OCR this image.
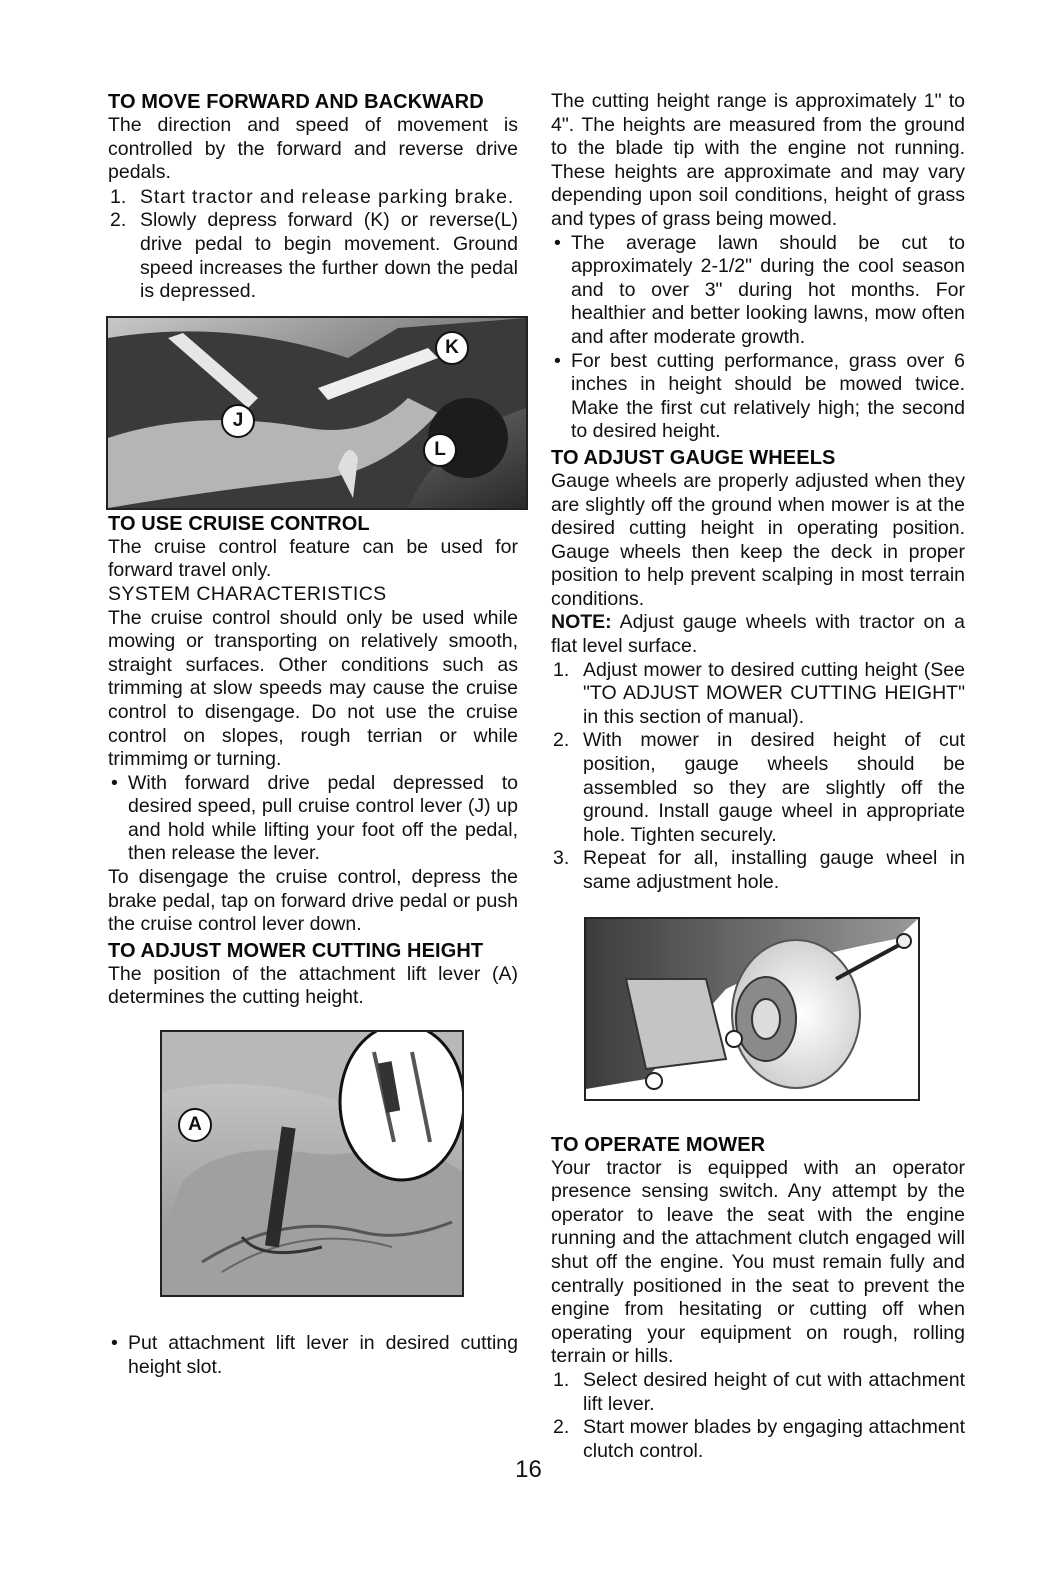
TO MOVE FORWARD AND BACKWARD

The direction and speed of movement is controlled by the forward and reverse drive pedals.

1. Start tractor and release parking brake.
2. Slowly depress forward (K) or reverse(L) drive pedal to begin movement. Ground speed increases the further down the pedal is depressed.
K
J
L
TO USE CRUISE CONTROL

The cruise control feature can be used for forward travel only.

SYSTEM CHARACTERISTICS

The cruise control should only be used while mowing or transporting on relatively smooth, straight surfaces. Other conditions such as trimming at slow speeds may cause the cruise control to disengage. Do not use the cruise control on slopes, rough terrian or while trimmimg or turning.

• With forward drive pedal depressed to desired speed, pull cruise control lever (J) up and hold while lifting your foot off the pedal, then release the lever.

To disengage the cruise control, depress the brake pedal, tap on forward drive pedal or push the cruise control lever down.

TO ADJUST MOWER CUTTING HEIGHT

The position of the attachment lift lever (A) determines the cutting height.

A
• Put attachment lift lever in desired cutting height slot.

The cutting height range is approximately 1" to 4". The heights are measured from the ground to the blade tip with the engine not running. These heights are approximate and may vary depending upon soil conditions, height of grass and types of grass being mowed.

• The average lawn should be cut to approximately 2-1/2" during the cool season and to over 3" during hot months. For healthier and better looking lawns, mow often and after moderate growth.
• For best cutting performance, grass over 6 inches in height should be mowed twice. Make the first cut relatively high; the second to desired height.
TO ADJUST GAUGE WHEELS

Gauge wheels are properly adjusted when they are slightly off the ground when mower is at the desired cutting height in operating position. Gauge wheels then keep the deck in proper position to help prevent scalping in most terrain conditions.

NOTE: Adjust gauge wheels with tractor on a flat level surface.

1. Adjust mower to desired cutting height (See "TO ADJUST MOWER CUTTING HEIGHT" in this section of manual).
2. With mower in desired height of cut position, gauge wheels should be assembled so they are slightly off the ground. Install gauge wheel in appropriate hole. Tighten securely.
3. Repeat for all, installing gauge wheel in same adjustment hole.
TO OPERATE MOWER

Your tractor is equipped with an operator presence sensing switch. Any attempt by the operator to leave the seat with the engine running and the attachment clutch engaged will shut off the engine. You must remain fully and centrally positioned in the seat to prevent the engine from hesitating or cutting off when operating your equipment on rough, rolling terrain or hills.

1. Select desired height of cut with attachment lift lever.
2. Start mower blades by engaging attachment clutch control.
16
